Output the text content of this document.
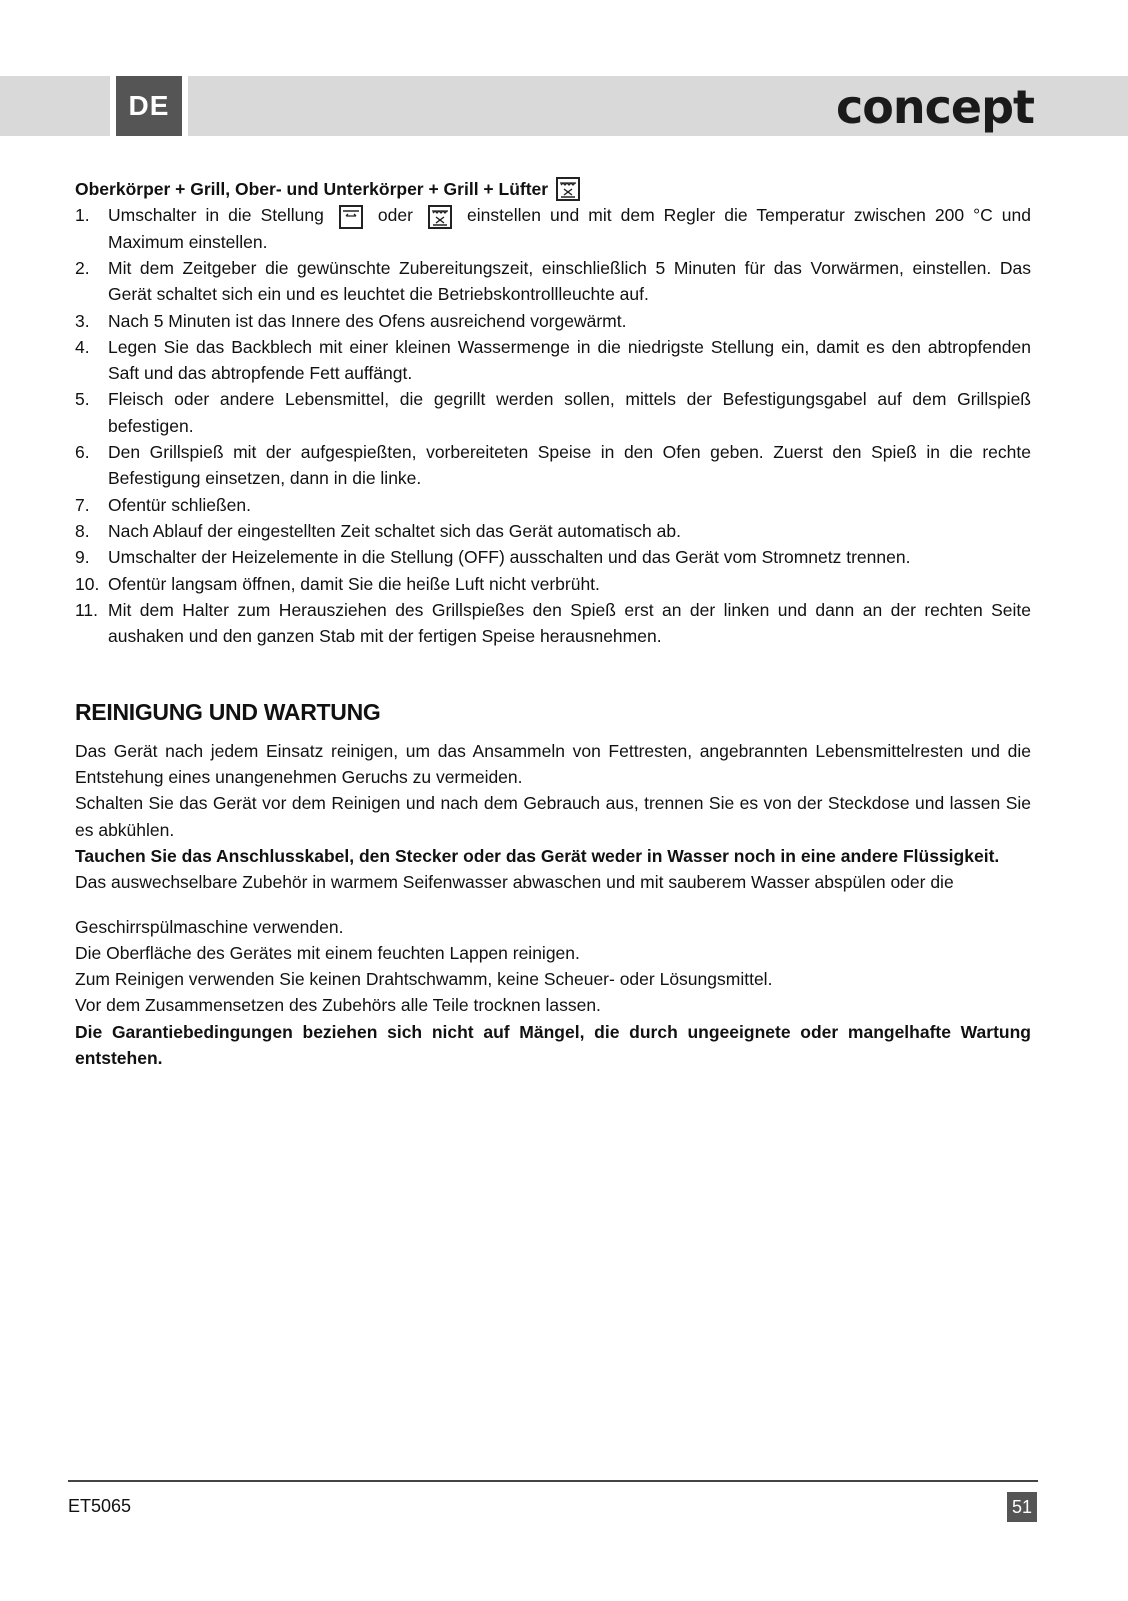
DE	concept
Oberkörper + Grill, Ober- und Unterkörper + Grill + Lüfter
1.	Umschalter in die Stellung	oder	einstellen und mit dem Regler die Temperatur zwischen 200 °C und Maximum einstellen.
2.	Mit dem Zeitgeber die gewünschte Zubereitungszeit, einschließlich 5 Minuten für das Vorwärmen, einstellen. Das Gerät schaltet sich ein und es leuchtet die Betriebskontrollleuchte auf.
3.	Nach 5 Minuten ist das Innere des Ofens ausreichend vorgewärmt.
4.	Legen Sie das Backblech mit einer kleinen Wassermenge in die niedrigste Stellung ein, damit es den abtropfenden Saft und das abtropfende Fett auffängt.
5.	Fleisch oder andere Lebensmittel, die gegrillt werden sollen, mittels der Befestigungsgabel auf dem Grillspieß befestigen.
6.	Den Grillspieß mit der aufgespießten, vorbereiteten Speise in den Ofen geben. Zuerst den Spieß in die rechte Befestigung einsetzen, dann in die linke.
7.	Ofentür schließen.
8.	Nach Ablauf der eingestellten Zeit schaltet sich das Gerät automatisch ab.
9.	Umschalter der Heizelemente in die Stellung (OFF) ausschalten und das Gerät vom Stromnetz trennen.
10. Ofentür langsam öffnen, damit Sie die heiße Luft nicht verbrüht.
11. Mit dem Halter zum Herausziehen des Grillspießes den Spieß erst an der linken und dann an der rechten Seite aushaken und den ganzen Stab mit der fertigen Speise herausnehmen.
REINIGUNG UND WARTUNG

Das Gerät nach jedem Einsatz reinigen, um das Ansammeln von Fettresten, angebrannten Lebensmittelresten und die Entstehung eines unangenehmen Geruchs zu vermeiden.

Schalten Sie das Gerät vor dem Reinigen und nach dem Gebrauch aus, trennen Sie es von der Steckdose und lassen Sie es abkühlen.

Tauchen Sie das Anschlusskabel, den Stecker oder das Gerät weder in Wasser noch in eine andere Flüssigkeit.

Das auswechselbare Zubehör in warmem Seifenwasser abwaschen und mit sauberem Wasser abspülen oder die

Geschirrspülmaschine verwenden.

Die Oberfläche des Gerätes mit einem feuchten Lappen reinigen.

Zum Reinigen verwenden Sie keinen Drahtschwamm, keine Scheuer- oder Lösungsmittel.

Vor dem Zusammensetzen des Zubehörs alle Teile trocknen lassen.

Die Garantiebedingungen beziehen sich nicht auf Mängel, die durch ungeeignete oder mangelhafte Wartung entstehen.

ET5065	51
